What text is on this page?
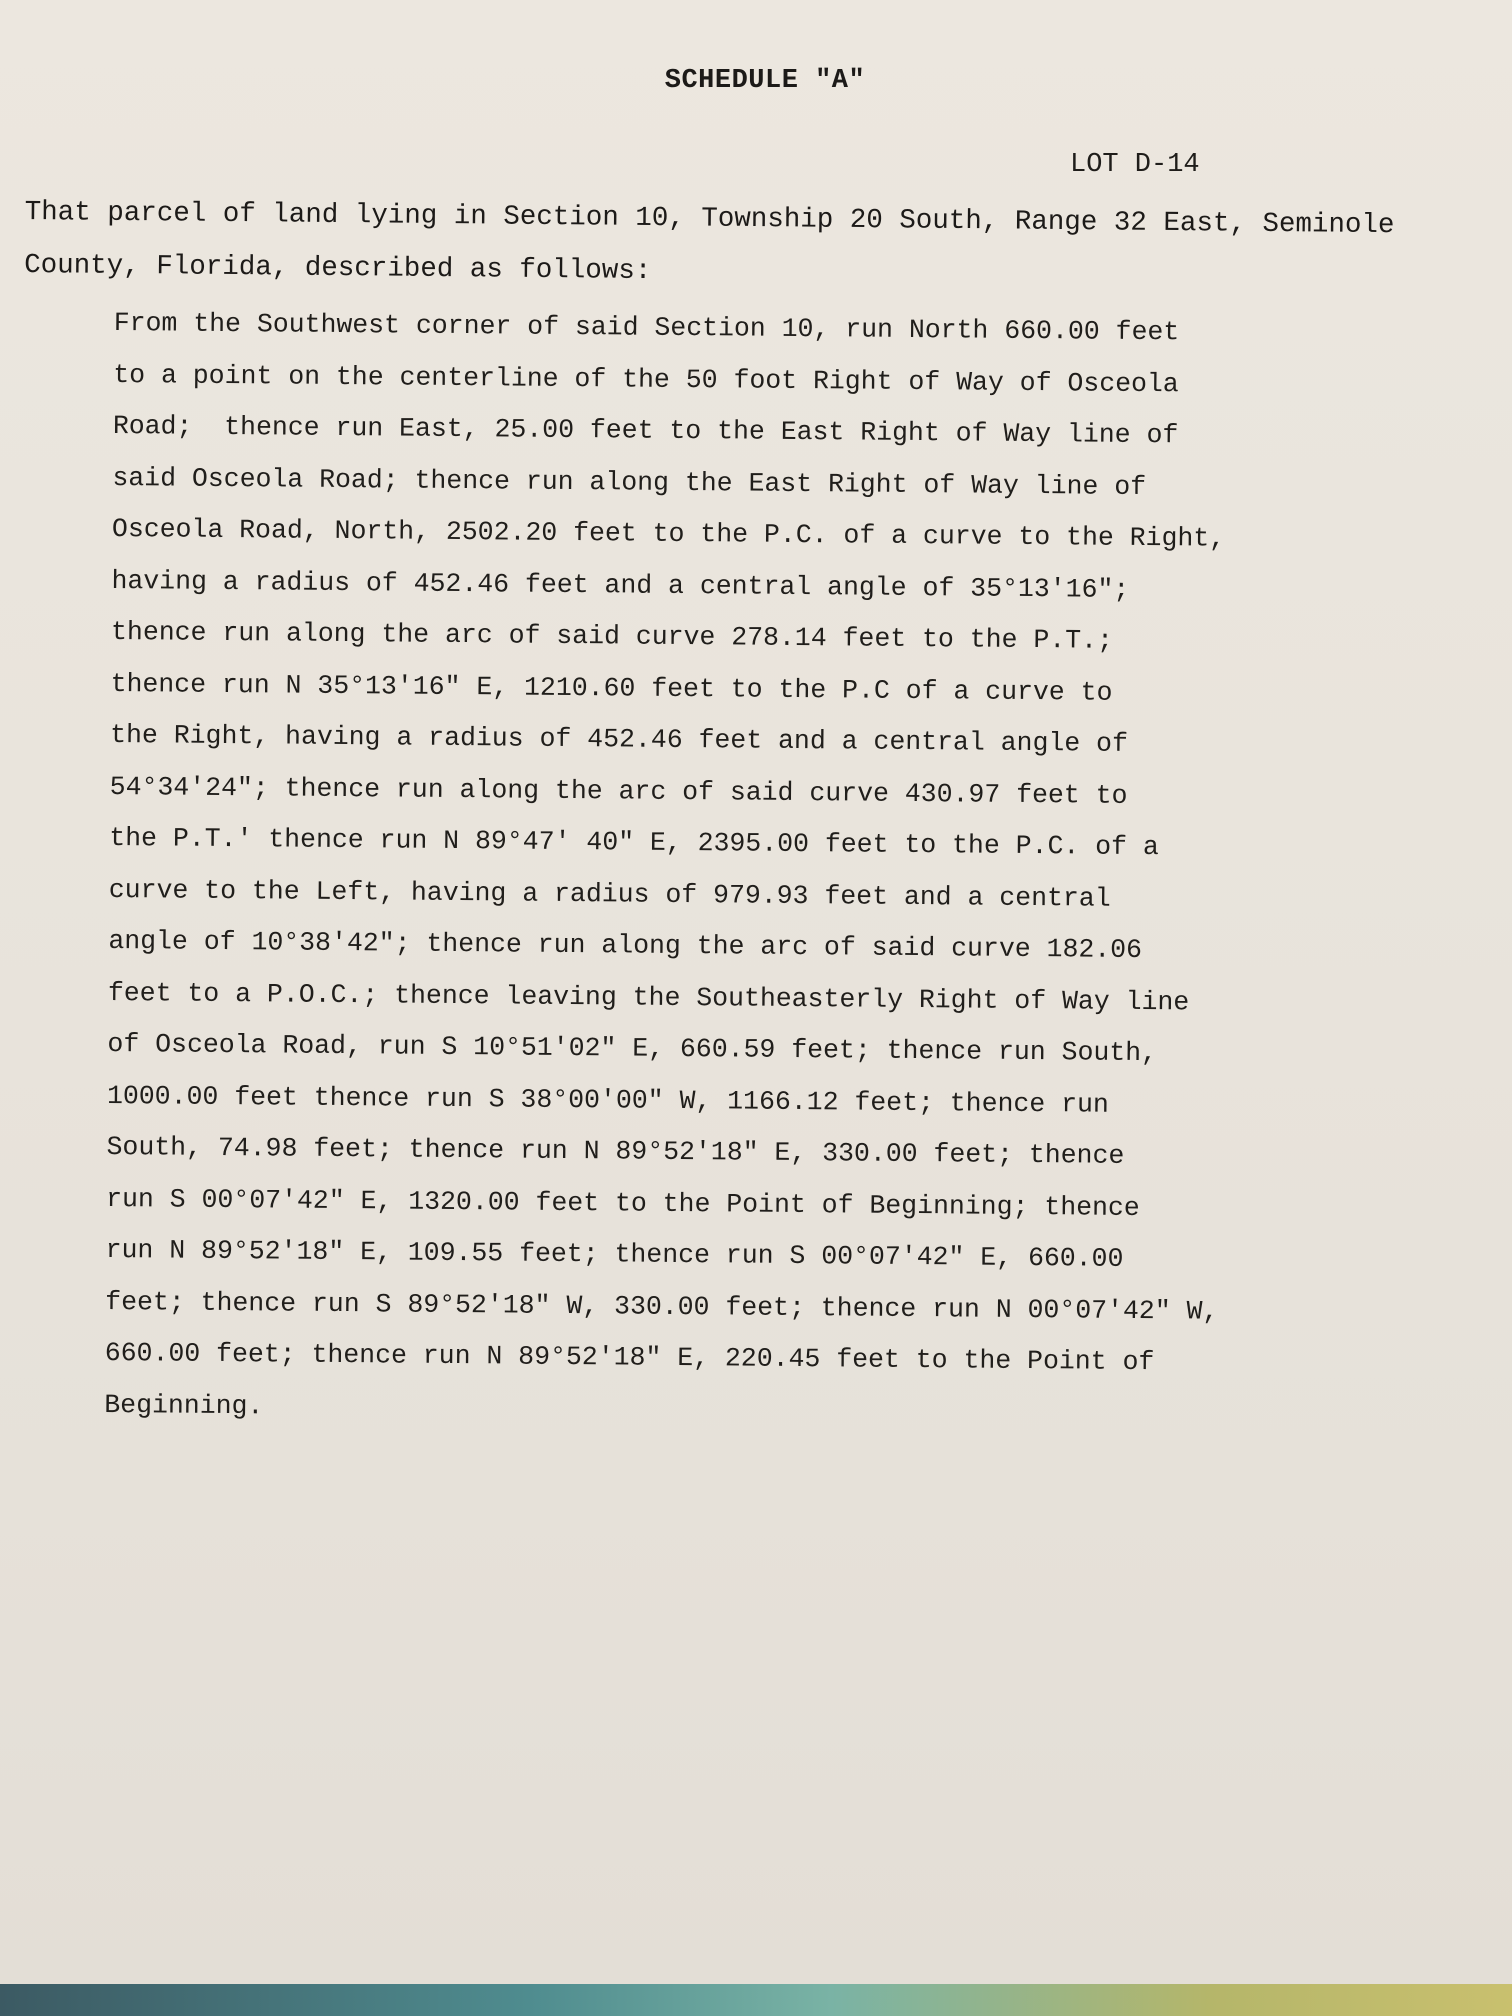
SCHEDULE "A"
LOT D-14
That parcel of land lying in Section 10, Township 20 South, Range 32 East, Seminole
County, Florida, described as follows:
From the Southwest corner of said Section 10, run North 660.00 feet
to a point on the centerline of the 50 foot Right of Way of Osceola
Road;  thence run East, 25.00 feet to the East Right of Way line of
said Osceola Road; thence run along the East Right of Way line of
Osceola Road, North, 2502.20 feet to the P.C. of a curve to the Right,
having a radius of 452.46 feet and a central angle of 35°13'16";
thence run along the arc of said curve 278.14 feet to the P.T.;
thence run N 35°13'16" E, 1210.60 feet to the P.C of a curve to
the Right, having a radius of 452.46 feet and a central angle of
54°34'24"; thence run along the arc of said curve 430.97 feet to
the P.T.' thence run N 89°47' 40" E, 2395.00 feet to the P.C. of a
curve to the Left, having a radius of 979.93 feet and a central
angle of 10°38'42"; thence run along the arc of said curve 182.06
feet to a P.O.C.; thence leaving the Southeasterly Right of Way line
of Osceola Road, run S 10°51'02" E, 660.59 feet; thence run South,
1000.00 feet thence run S 38°00'00" W, 1166.12 feet; thence run
South, 74.98 feet; thence run N 89°52'18" E, 330.00 feet; thence
run S 00°07'42" E, 1320.00 feet to the Point of Beginning; thence
run N 89°52'18" E, 109.55 feet; thence run S 00°07'42" E, 660.00
feet; thence run S 89°52'18" W, 330.00 feet; thence run N 00°07'42" W,
660.00 feet; thence run N 89°52'18" E, 220.45 feet to the Point of
Beginning.
